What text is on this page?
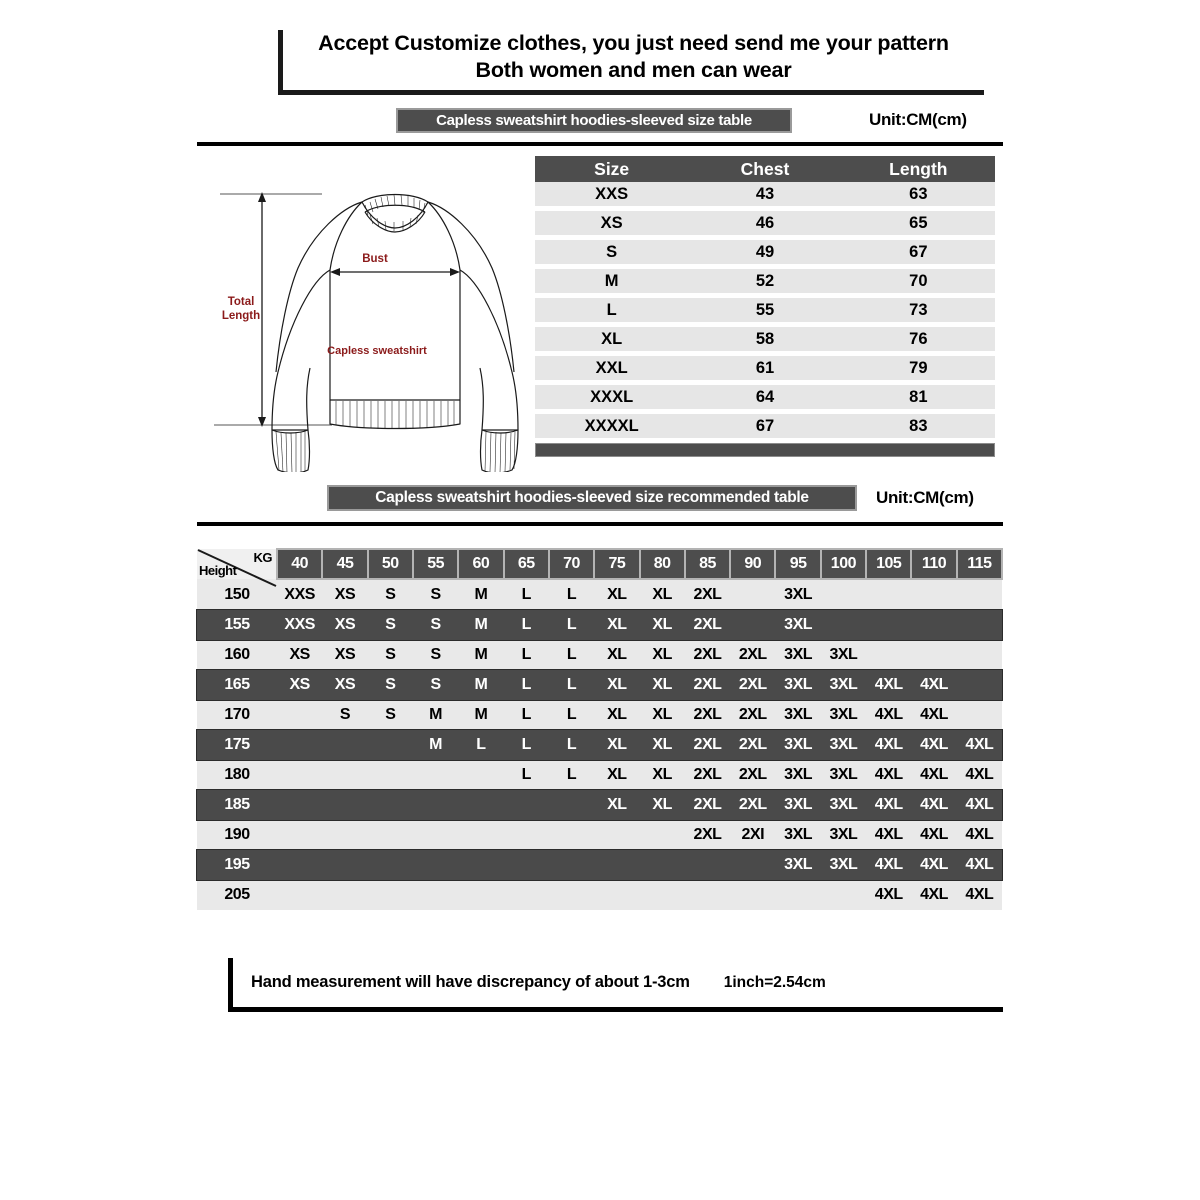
Accept Customize clothes, you just need send me your pattern
Both women and men can wear
Capless sweatshirt hoodies-sleeved size table	Unit:CM(cm)
Total
Length
Bust
Capless sweatshirt
Size	Chest	Length
XXS	43	63

XS	46	65

S	49	67

M	52	70

L	55	73

XL	58	76

XXL	61	79

XXXL	64	81

XXXXL	67	83
Capless sweatshirt hoodies-sleeved size recommended table	Unit:CM(cm)
KG
Height	40	45	50	55	60	65	70	75	80	85	90	95	100	105	110	115
150	XXS	XS	S	S	M	L	L	XL	XL	2XL		3XL				
155	XXS	XS	S	S	M	L	L	XL	XL	2XL		3XL				
160	XS	XS	S	S	M	L	L	XL	XL	2XL	2XL	3XL	3XL			
165	XS	XS	S	S	M	L	L	XL	XL	2XL	2XL	3XL	3XL	4XL	4XL	
170		S	S	M	M	L	L	XL	XL	2XL	2XL	3XL	3XL	4XL	4XL	
175				M	L	L	L	XL	XL	2XL	2XL	3XL	3XL	4XL	4XL	4XL
180						L	L	XL	XL	2XL	2XL	3XL	3XL	4XL	4XL	4XL
185								XL	XL	2XL	2XL	3XL	3XL	4XL	4XL	4XL
190										2XL	2XI	3XL	3XL	4XL	4XL	4XL
195												3XL	3XL	4XL	4XL	4XL
205														4XL	4XL	4XL
Hand measurement will have discrepancy of about 1-3cm 1inch=2.54cm
